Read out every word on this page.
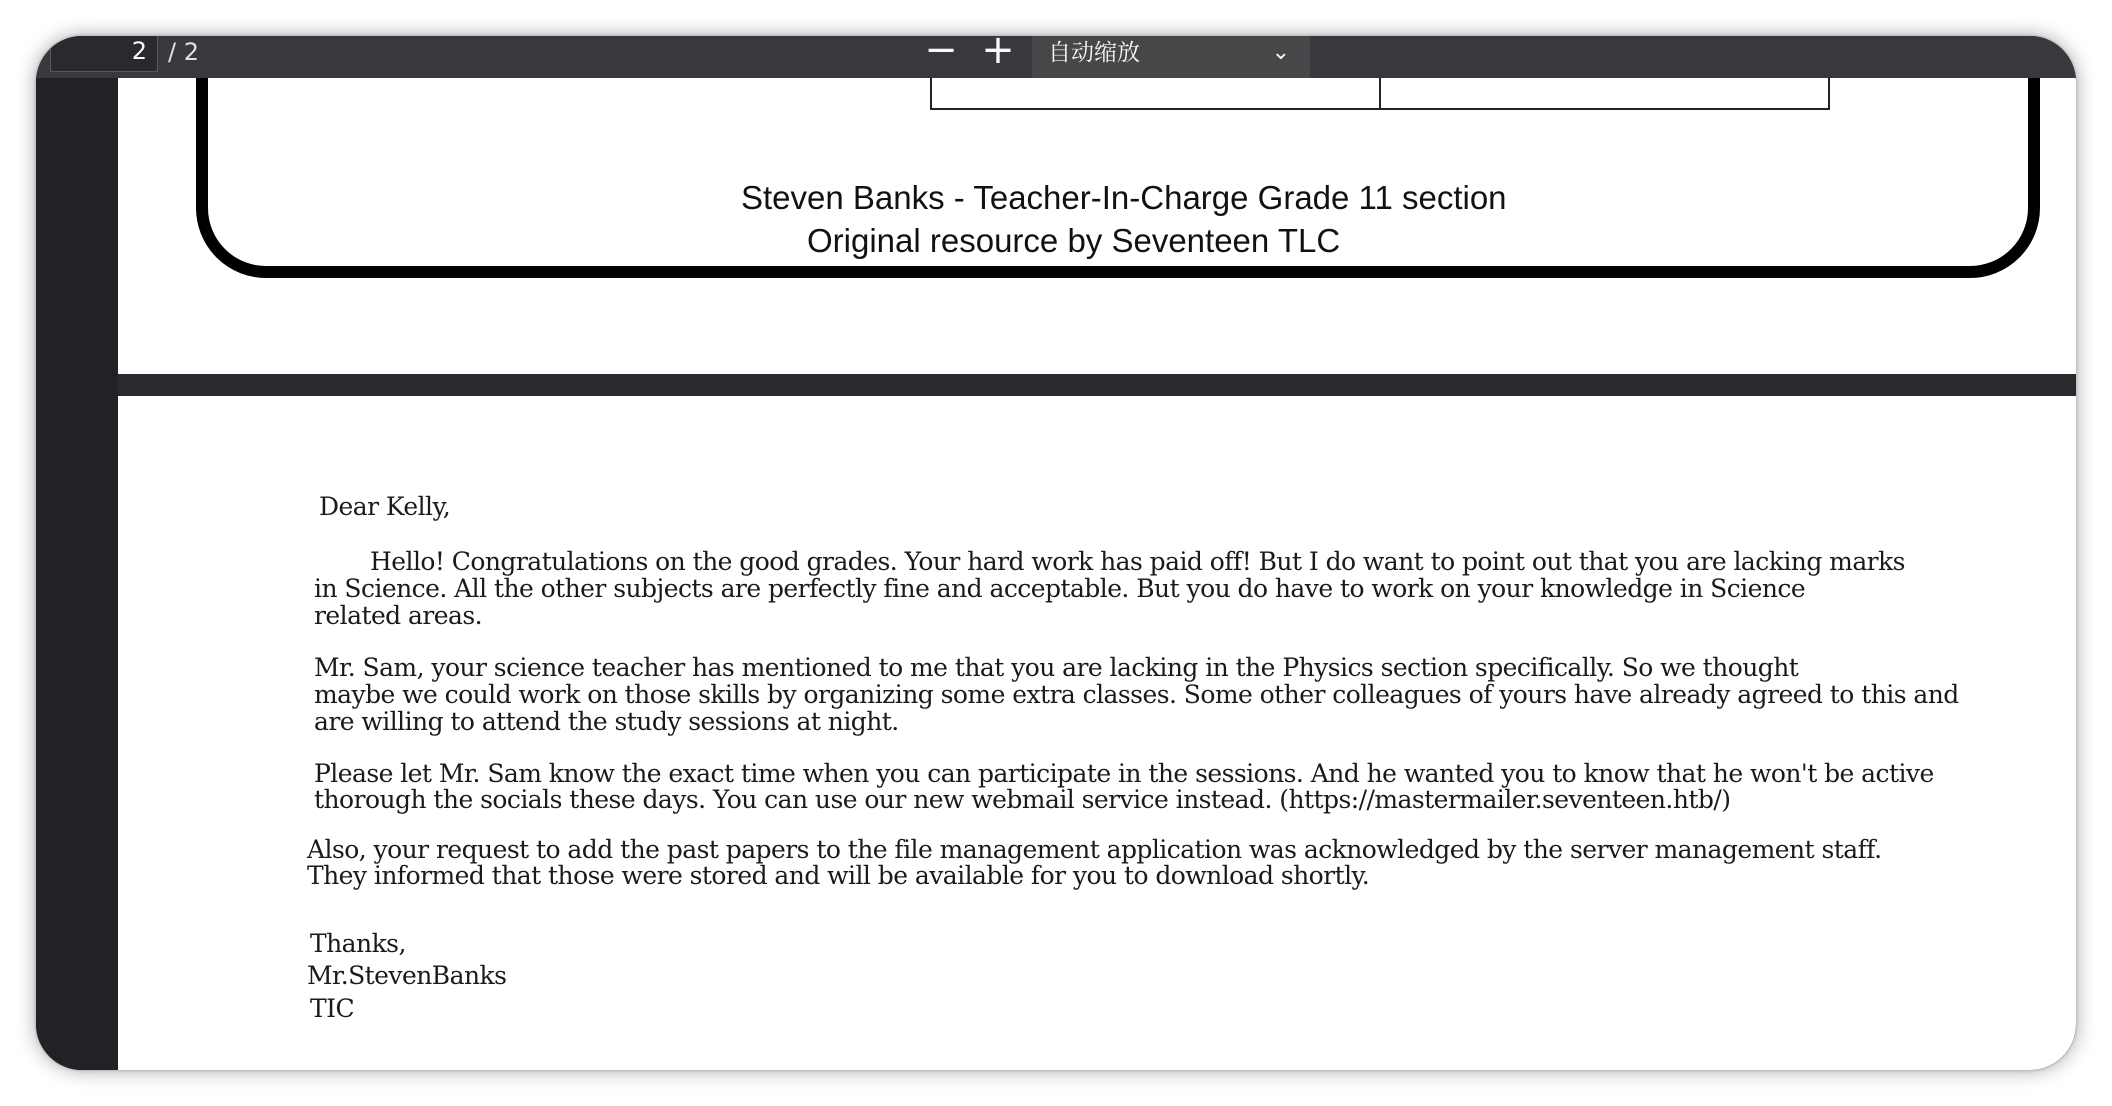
2 / 2	− +	自动缩放	⌄
Steven Banks - Teacher-In-Charge Grade 11 section
Original resource by Seventeen TLC
Dear Kelly,
Hello! Congratulations on the good grades. Your hard work has paid off! But I do want to point out that you are lacking marks
in Science. All the other subjects are perfectly fine and acceptable. But you do have to work on your knowledge in Science
related areas.
Mr. Sam, your science teacher has mentioned to me that you are lacking in the Physics section specifically. So we thought
maybe we could work on those skills by organizing some extra classes. Some other colleagues of yours have already agreed to this and
are willing to attend the study sessions at night.
Please let Mr. Sam know the exact time when you can participate in the sessions. And he wanted you to know that he won't be active
thorough the socials these days. You can use our new webmail service instead. (https://mastermailer.seventeen.htb/)
Also, your request to add the past papers to the file management application was acknowledged by the server management staff.
They informed that those were stored and will be available for you to download shortly.
Thanks,
Mr.StevenBanks
TIC
